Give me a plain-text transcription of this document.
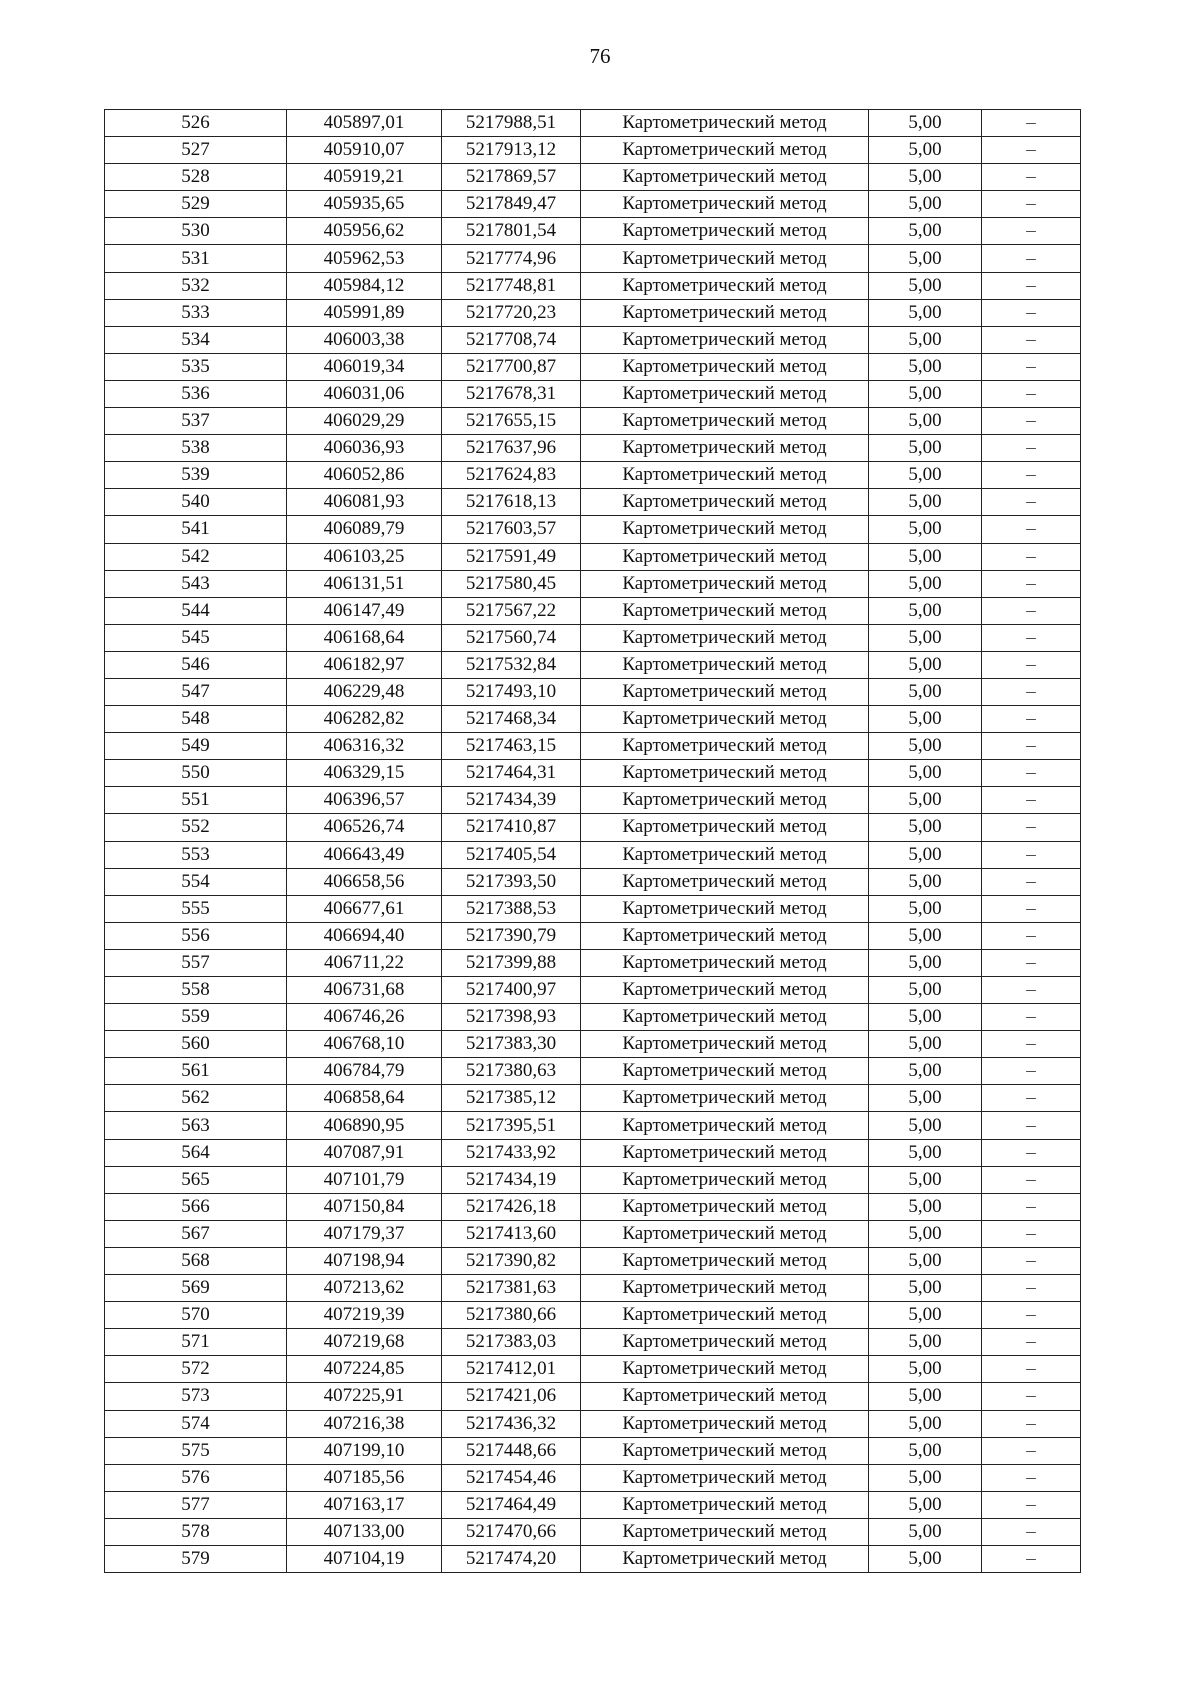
76
526	405897,01	5217988,51	Картометрический метод	5,00	–
527	405910,07	5217913,12	Картометрический метод	5,00	–
528	405919,21	5217869,57	Картометрический метод	5,00	–
529	405935,65	5217849,47	Картометрический метод	5,00	–
530	405956,62	5217801,54	Картометрический метод	5,00	–
531	405962,53	5217774,96	Картометрический метод	5,00	–
532	405984,12	5217748,81	Картометрический метод	5,00	–
533	405991,89	5217720,23	Картометрический метод	5,00	–
534	406003,38	5217708,74	Картометрический метод	5,00	–
535	406019,34	5217700,87	Картометрический метод	5,00	–
536	406031,06	5217678,31	Картометрический метод	5,00	–
537	406029,29	5217655,15	Картометрический метод	5,00	–
538	406036,93	5217637,96	Картометрический метод	5,00	–
539	406052,86	5217624,83	Картометрический метод	5,00	–
540	406081,93	5217618,13	Картометрический метод	5,00	–
541	406089,79	5217603,57	Картометрический метод	5,00	–
542	406103,25	5217591,49	Картометрический метод	5,00	–
543	406131,51	5217580,45	Картометрический метод	5,00	–
544	406147,49	5217567,22	Картометрический метод	5,00	–
545	406168,64	5217560,74	Картометрический метод	5,00	–
546	406182,97	5217532,84	Картометрический метод	5,00	–
547	406229,48	5217493,10	Картометрический метод	5,00	–
548	406282,82	5217468,34	Картометрический метод	5,00	–
549	406316,32	5217463,15	Картометрический метод	5,00	–
550	406329,15	5217464,31	Картометрический метод	5,00	–
551	406396,57	5217434,39	Картометрический метод	5,00	–
552	406526,74	5217410,87	Картометрический метод	5,00	–
553	406643,49	5217405,54	Картометрический метод	5,00	–
554	406658,56	5217393,50	Картометрический метод	5,00	–
555	406677,61	5217388,53	Картометрический метод	5,00	–
556	406694,40	5217390,79	Картометрический метод	5,00	–
557	406711,22	5217399,88	Картометрический метод	5,00	–
558	406731,68	5217400,97	Картометрический метод	5,00	–
559	406746,26	5217398,93	Картометрический метод	5,00	–
560	406768,10	5217383,30	Картометрический метод	5,00	–
561	406784,79	5217380,63	Картометрический метод	5,00	–
562	406858,64	5217385,12	Картометрический метод	5,00	–
563	406890,95	5217395,51	Картометрический метод	5,00	–
564	407087,91	5217433,92	Картометрический метод	5,00	–
565	407101,79	5217434,19	Картометрический метод	5,00	–
566	407150,84	5217426,18	Картометрический метод	5,00	–
567	407179,37	5217413,60	Картометрический метод	5,00	–
568	407198,94	5217390,82	Картометрический метод	5,00	–
569	407213,62	5217381,63	Картометрический метод	5,00	–
570	407219,39	5217380,66	Картометрический метод	5,00	–
571	407219,68	5217383,03	Картометрический метод	5,00	–
572	407224,85	5217412,01	Картометрический метод	5,00	–
573	407225,91	5217421,06	Картометрический метод	5,00	–
574	407216,38	5217436,32	Картометрический метод	5,00	–
575	407199,10	5217448,66	Картометрический метод	5,00	–
576	407185,56	5217454,46	Картометрический метод	5,00	–
577	407163,17	5217464,49	Картометрический метод	5,00	–
578	407133,00	5217470,66	Картометрический метод	5,00	–
579	407104,19	5217474,20	Картометрический метод	5,00	–
